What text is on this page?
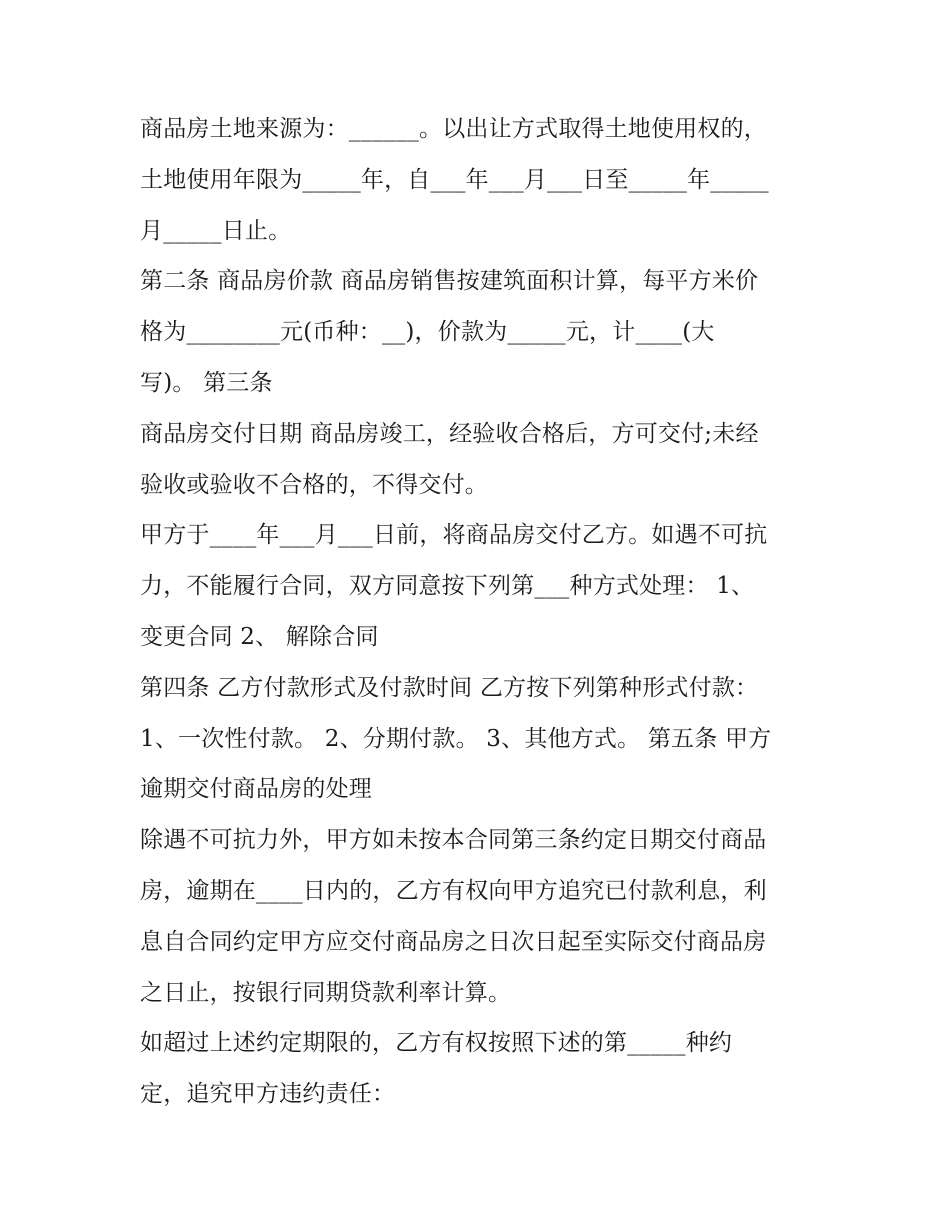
商品房土地来源为：______。以出让方式取得土地使用权的，
土地使用年限为_____年，自___年___月___日至_____年_____
月_____日止。
第二条 商品房价款 商品房销售按建筑面积计算，每平方米价
格为________元(币种：__)，价款为_____元，计____(大
写)。 第三条
商品房交付日期 商品房竣工，经验收合格后，方可交付;未经
验收或验收不合格的，不得交付。
甲方于____年___月___日前，将商品房交付乙方。如遇不可抗
力，不能履行合同，双方同意按下列第___种方式处理： 1、
变更合同 2、 解除合同
第四条 乙方付款形式及付款时间 乙方按下列第种形式付款：
1、一次性付款。 2、分期付款。 3、其他方式。 第五条 甲方
逾期交付商品房的处理
除遇不可抗力外，甲方如未按本合同第三条约定日期交付商品
房，逾期在____日内的，乙方有权向甲方追究已付款利息，利
息自合同约定甲方应交付商品房之日次日起至实际交付商品房
之日止，按银行同期贷款利率计算。
如超过上述约定期限的，乙方有权按照下述的第_____种约
定，追究甲方违约责任：
